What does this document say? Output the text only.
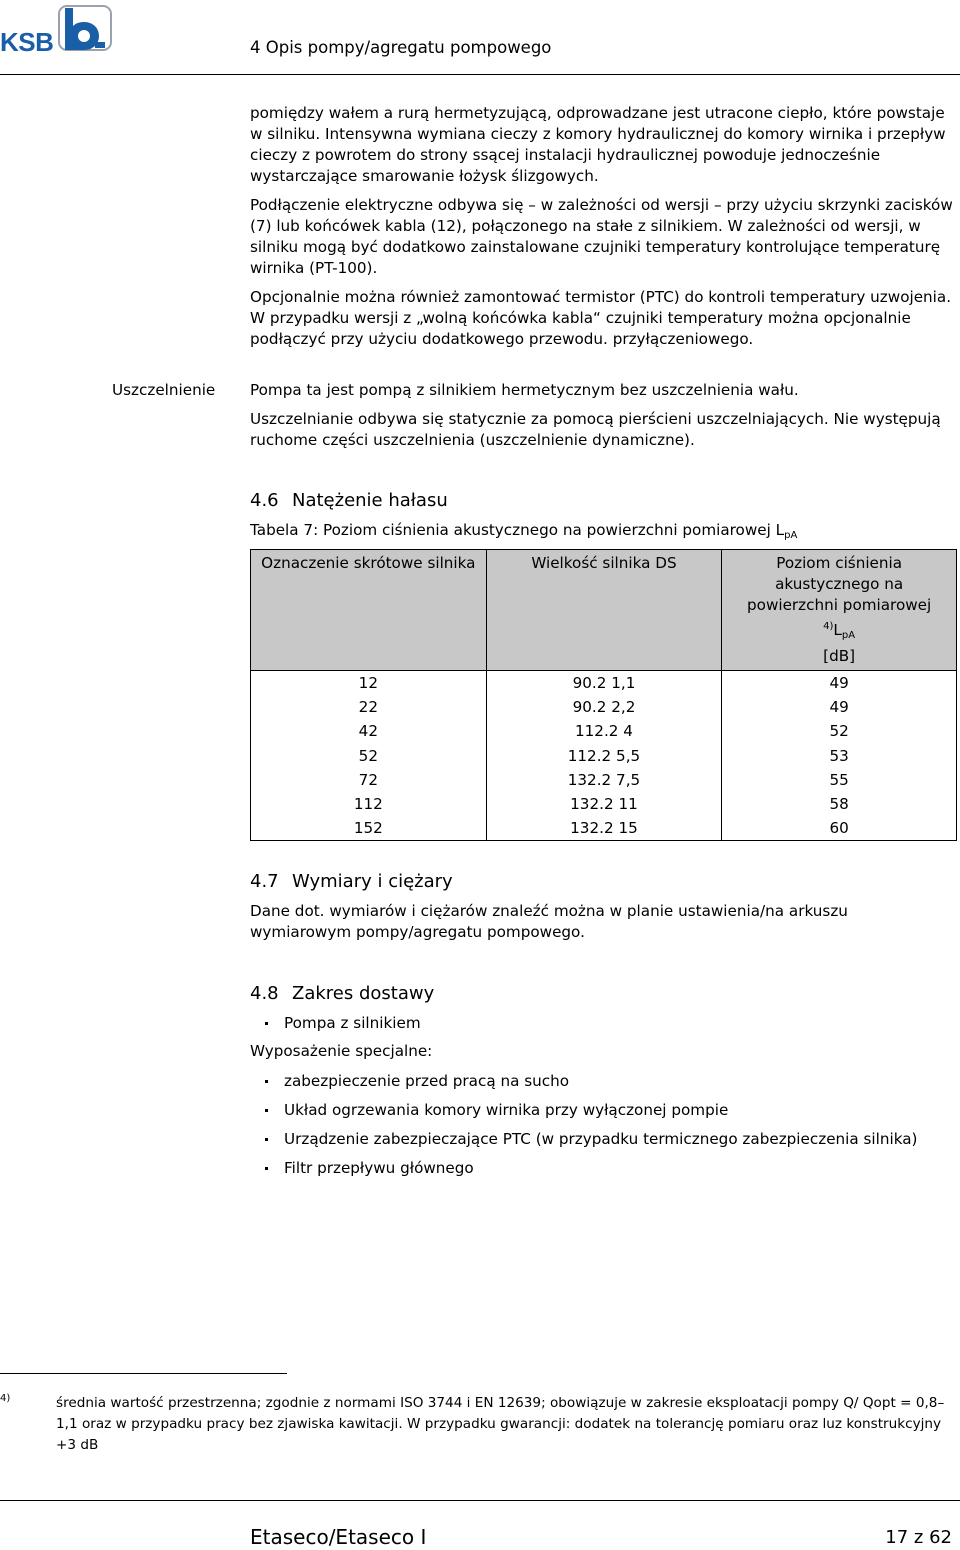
KSB	4 Opis pompy/agregatu pompowego
pomiędzy wałem a rurą hermetyzującą, odprowadzane jest utracone ciepło, które powstaje w silniku. Intensywna wymiana cieczy z komory hydraulicznej do komory wirnika i przepływ cieczy z powrotem do strony ssącej instalacji hydraulicznej powoduje jednocześnie wystarczające smarowanie łożysk ślizgowych.
Podłączenie elektryczne odbywa się – w zależności od wersji – przy użyciu skrzynki zacisków (7) lub końcówek kabla (12), połączonego na stałe z silnikiem. W zależności od wersji, w silniku mogą być dodatkowo zainstalowane czujniki temperatury kontrolujące temperaturę wirnika (PT-100).
Opcjonalnie można również zamontować termistor (PTC) do kontroli temperatury uzwojenia. W przypadku wersji z „wolną końcówka kabla“ czujniki temperatury można opcjonalnie podłączyć przy użyciu dodatkowego przewodu. przyłączeniowego.
Uszczelnienie Pompa ta jest pompą z silnikiem hermetycznym bez uszczelnienia wału.
Uszczelnianie odbywa się statycznie za pomocą pierścieni uszczelniających. Nie występują ruchome części uszczelnienia (uszczelnienie dynamiczne).
4.6 Natężenie hałasu
Tabela 7: Poziom ciśnienia akustycznego na powierzchni pomiarowej $L_{pA}$
Oznaczenie skrótowe silnika	Wielkość silnika DS	Poziom ciśnienia akustycznego na powierzchni pomiarowej
$^{4)}L_{pA}$
[dB]
12	90.2 1,1	49
22	90.2 2,2	49
42	112.2 4	52
52	112.2 5,5	53
72	132.2 7,5	55
112	132.2 11	58
152	132.2 15	60
4.7 Wymiary i ciężary
Dane dot. wymiarów i ciężarów znaleźć można w planie ustawienia/na arkuszu wymiarowym pompy/agregatu pompowego.
4.8 Zakres dostawy
Pompa z silnikiem
Wyposażenie specjalne:
zabezpieczenie przed pracą na sucho
Układ ogrzewania komory wirnika przy wyłączonej pompie
Urządzenie zabezpieczające PTC (w przypadku termicznego zabezpieczenia silnika)
Filtr przepływu głównego
4)	średnia wartość przestrzenna; zgodnie z normami ISO 3744 i EN 12639; obowiązuje w zakresie eksploatacji pompy Q/ Qopt = 0,8–1,1 oraz w przypadku pracy bez zjawiska kawitacji. W przypadku gwarancji: dodatek na tolerancję pomiaru oraz luz konstrukcyjny +3 dB
Etaseco/Etaseco I	17 z 62
